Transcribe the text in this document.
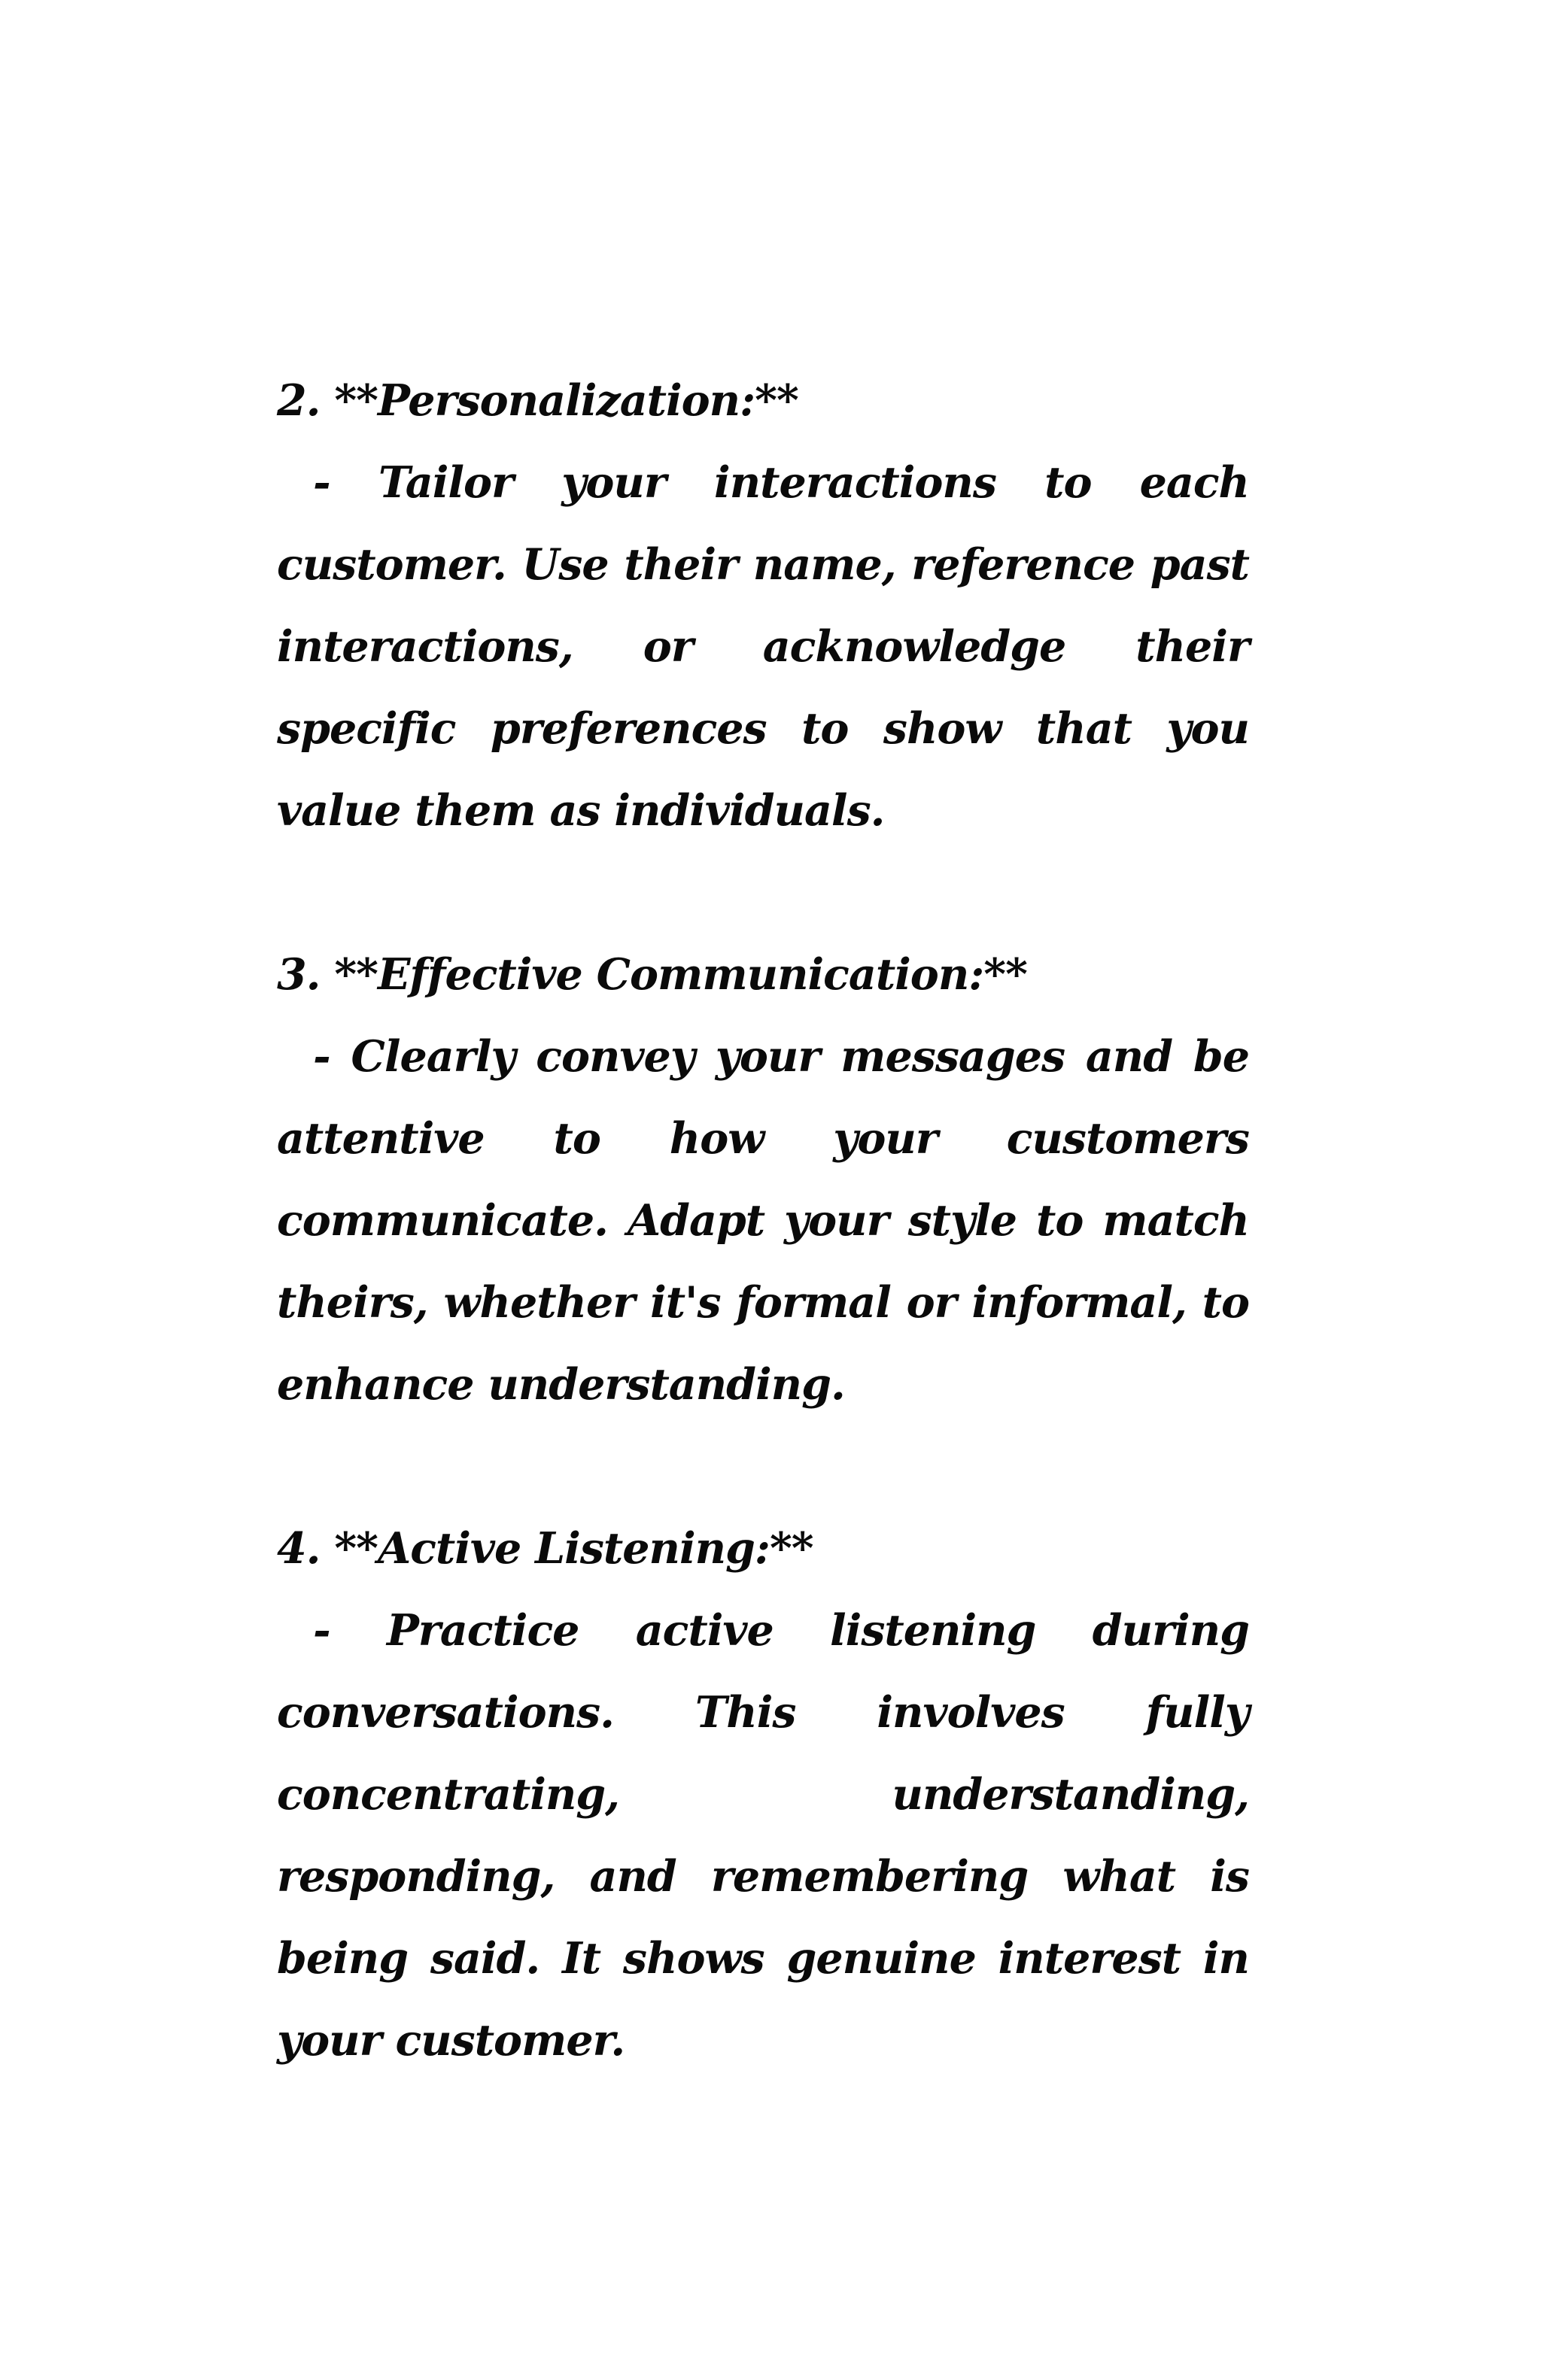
2. **Personalization:**

- Tailor your interactions to each customer. Use their name, reference past interactions, or acknowledge their specific preferences to show that you value them as individuals.

3. **Effective Communication:**

- Clearly convey your messages and be attentive to how your customers communicate. Adapt your style to match theirs, whether it's formal or informal, to enhance understanding.

4. **Active Listening:**

- Practice active listening during conversations. This involves fully concentrating, understanding, responding, and remembering what is being said. It shows genuine interest in your customer.
